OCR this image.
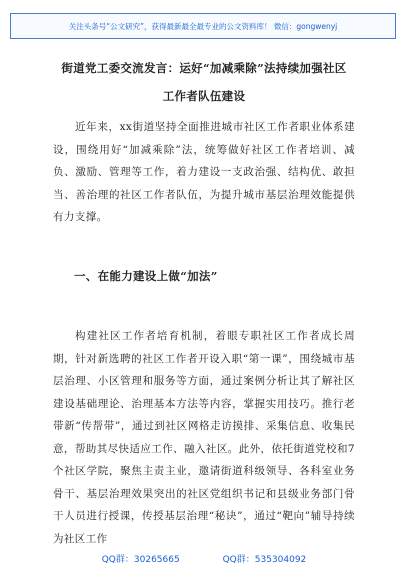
关注头条号“公文研究”，获得最新最全最专业的公文资料库！ 微信：gongwenyj
街道党工委交流发言：运好“加减乘除”法持续加强社区
工作者队伍建设

近年来，xx街道坚持全面推进城市社区工作者职业体系建设，围绕用好“加减乘除”法，统筹做好社区工作者培训、减负、激励、管理等工作，着力建设一支政治强、结构优、敢担当、善治理的社区工作者队伍，为提升城市基层治理效能提供有力支撑。

一、在能力建设上做“加法”

构建社区工作者培育机制，着眼专职社区工作者成长周期，针对新选聘的社区工作者开设入职“第一课”，围绕城市基层治理、小区管理和服务等方面，通过案例分析让其了解社区建设基础理论、治理基本方法等内容，掌握实用技巧。推行老带新“传帮带”，通过到社区网格走访摸排、采集信息、收集民意，帮助其尽快适应工作、融入社区。此外，依托街道党校和7个社区学院，聚焦主责主业，邀请街道科级领导、各科室业务骨干、基层治理效果突出的社区党组织书记和县级业务部门骨干人员进行授课，传授基层治理“秘诀”，通过“靶向”辅导持续为社区工作

QQ群：30265665	QQ群：535304092
